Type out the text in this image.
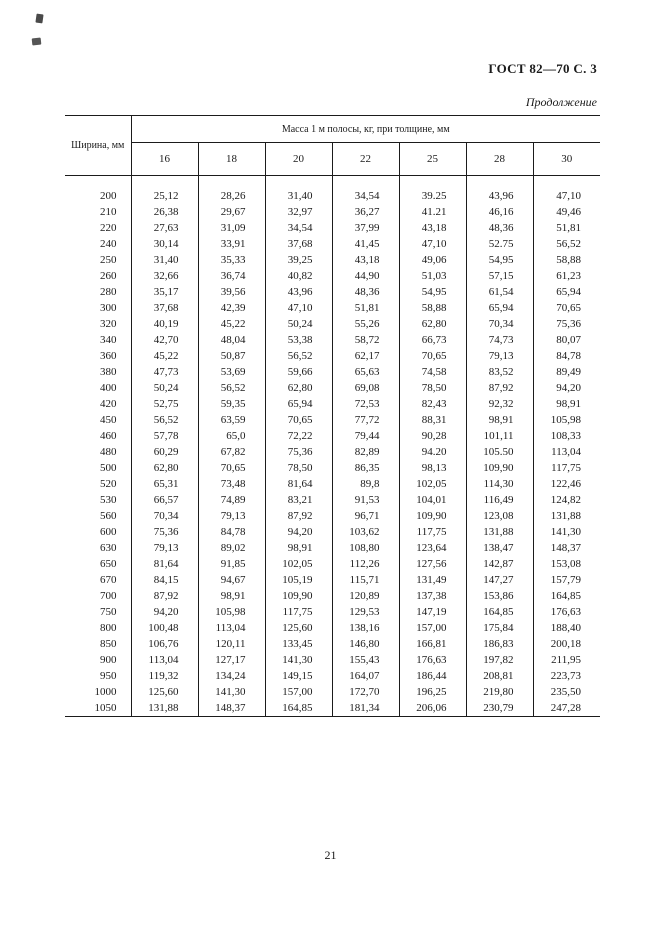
ГОСТ 82—70 С. 3
Продолжение
Ширина, мм	Масса 1 м полосы, кг, при толщине, мм						
	16	18	20	22	25	28	30
200	25,12	28,26	31,40	34,54	39.25	43,96	47,10
210	26,38	29,67	32,97	36,27	41.21	46,16	49,46
220	27,63	31,09	34,54	37,99	43,18	48,36	51,81
240	30,14	33,91	37,68	41,45	47,10	52.75	56,52
250	31,40	35,33	39,25	43,18	49,06	54,95	58,88
260	32,66	36,74	40,82	44,90	51,03	57,15	61,23
280	35,17	39,56	43,96	48,36	54,95	61,54	65,94
300	37,68	42,39	47,10	51,81	58,88	65,94	70,65
320	40,19	45,22	50,24	55,26	62,80	70,34	75,36
340	42,70	48,04	53,38	58,72	66,73	74,73	80,07
360	45,22	50,87	56,52	62,17	70,65	79,13	84,78
380	47,73	53,69	59,66	65,63	74,58	83,52	89,49
400	50,24	56,52	62,80	69,08	78,50	87,92	94,20
420	52,75	59,35	65,94	72,53	82,43	92,32	98,91
450	56,52	63,59	70,65	77,72	88,31	98,91	105,98
460	57,78	65,0	72,22	79,44	90,28	101,11	108,33
480	60,29	67,82	75,36	82,89	94.20	105.50	113,04
500	62,80	70,65	78,50	86,35	98,13	109,90	117,75
520	65,31	73,48	81,64	89,8	102,05	114,30	122,46
530	66,57	74,89	83,21	91,53	104,01	116,49	124,82
560	70,34	79,13	87,92	96,71	109,90	123,08	131,88
600	75,36	84,78	94,20	103,62	117,75	131,88	141,30
630	79,13	89,02	98,91	108,80	123,64	138,47	148,37
650	81,64	91,85	102,05	112,26	127,56	142,87	153,08
670	84,15	94,67	105,19	115,71	131,49	147,27	157,79
700	87,92	98,91	109,90	120,89	137,38	153,86	164,85
750	94,20	105,98	117,75	129,53	147,19	164,85	176,63
800	100,48	113,04	125,60	138,16	157,00	175,84	188,40
850	106,76	120,11	133,45	146,80	166,81	186,83	200,18
900	113,04	127,17	141,30	155,43	176,63	197,82	211,95
950	119,32	134,24	149,15	164,07	186,44	208,81	223,73
1000	125,60	141,30	157,00	172,70	196,25	219,80	235,50
1050	131,88	148,37	164,85	181,34	206,06	230,79	247,28
21
